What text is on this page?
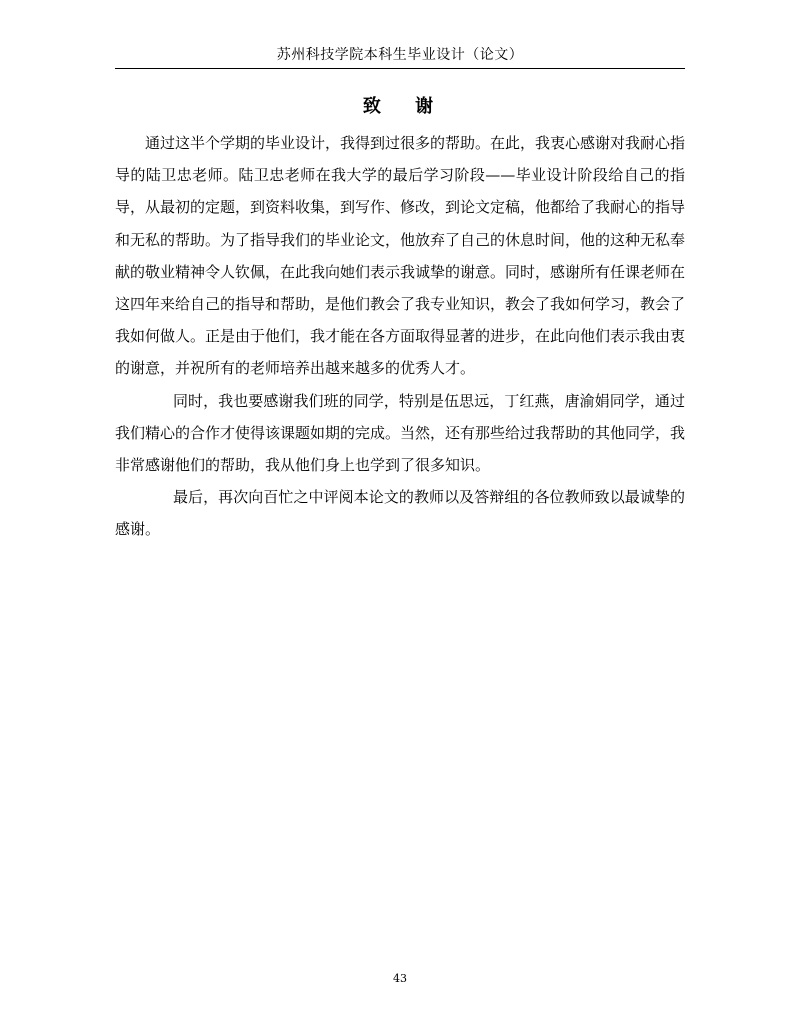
苏州科技学院本科生毕业设计（论文）
致 谢

通过这半个学期的毕业设计，我得到过很多的帮助。在此，我衷心感谢对我耐心指导的陆卫忠老师。陆卫忠老师在我大学的最后学习阶段——毕业设计阶段给自己的指导，从最初的定题，到资料收集，到写作、修改，到论文定稿，他都给了我耐心的指导和无私的帮助。为了指导我们的毕业论文，他放弃了自己的休息时间，他的这种无私奉献的敬业精神令人钦佩，在此我向她们表示我诚挚的谢意。同时，感谢所有任课老师在这四年来给自己的指导和帮助，是他们教会了我专业知识，教会了我如何学习，教会了我如何做人。正是由于他们，我才能在各方面取得显著的进步，在此向他们表示我由衷的谢意，并祝所有的老师培养出越来越多的优秀人才。

同时，我也要感谢我们班的同学，特别是伍思远，丁红燕，唐渝娟同学，通过我们精心的合作才使得该课题如期的完成。当然，还有那些给过我帮助的其他同学，我非常感谢他们的帮助，我从他们身上也学到了很多知识。

最后，再次向百忙之中评阅本论文的教师以及答辩组的各位教师致以最诚挚的感谢。

43
